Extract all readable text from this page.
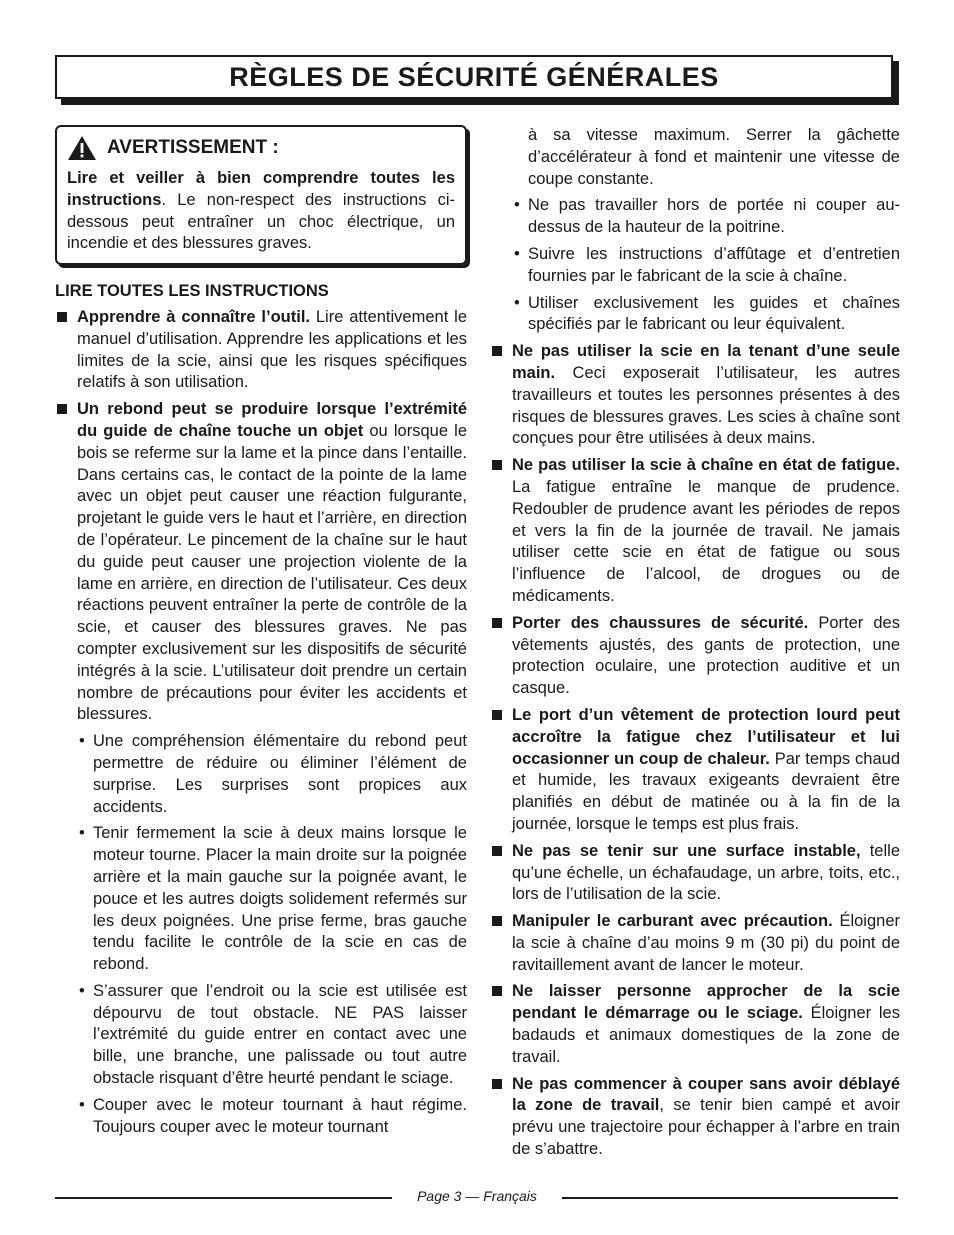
RÈGLES DE SÉCURITÉ GÉNÉRALES
AVERTISSEMENT :
Lire et veiller à bien comprendre toutes les instructions. Le non-respect des instructions ci-dessous peut entraîner un choc électrique, un incendie et des blessures graves.
LIRE TOUTES LES INSTRUCTIONS
Apprendre à connaître l’outil. Lire attentivement le manuel d’utilisation. Apprendre les applications et les limites de la scie, ainsi que les risques spécifiques relatifs à son utilisation.
Un rebond peut se produire lorsque l’extrémité du guide de chaîne touche un objet ou lorsque le bois se referme sur la lame et la pince dans l’entaille. Dans certains cas, le contact de la pointe de la lame avec un objet peut causer une réaction fulgurante, projetant le guide vers le haut et l’arrière, en direction de l’opérateur. Le pincement de la chaîne sur le haut du guide peut causer une projection violente de la lame en arrière, en direction de l’utilisateur. Ces deux réactions peuvent entraîner la perte de contrôle de la scie, et causer des blessures graves. Ne pas compter exclusivement sur les dispositifs de sécurité intégrés à la scie. L’utilisateur doit prendre un certain nombre de précautions pour éviter les accidents et blessures.
• Une compréhension élémentaire du rebond peut permettre de réduire ou éliminer l’élément de surprise. Les surprises sont propices aux accidents.
• Tenir fermement la scie à deux mains lorsque le moteur tourne. Placer la main droite sur la poignée arrière et la main gauche sur la poignée avant, le pouce et les autres doigts solidement refermés sur les deux poignées. Une prise ferme, bras gauche tendu facilite le contrôle de la scie en cas de rebond.
• S’assurer que l’endroit ou la scie est utilisée est dépourvu de tout obstacle. NE PAS laisser l’extrémité du guide entrer en contact avec une bille, une branche, une palissade ou tout autre obstacle risquant d’être heurté pendant le sciage.
• Couper avec le moteur tournant à haut régime. Toujours couper avec le moteur tournant
à sa vitesse maximum. Serrer la gâchette d’accélérateur à fond et maintenir une vitesse de coupe constante.
• Ne pas travailler hors de portée ni couper au-dessus de la hauteur de la poitrine.
• Suivre les instructions d’affûtage et d’entretien fournies par le fabricant de la scie à chaîne.
• Utiliser exclusivement les guides et chaînes spécifiés par le fabricant ou leur équivalent.
Ne pas utiliser la scie en la tenant d’une seule main. Ceci exposerait l’utilisateur, les autres travailleurs et toutes les personnes présentes à des risques de blessures graves. Les scies à chaîne sont conçues pour être utilisées à deux mains.
Ne pas utiliser la scie à chaîne en état de fatigue. La fatigue entraîne le manque de prudence. Redoubler de prudence avant les périodes de repos et vers la fin de la journée de travail. Ne jamais utiliser cette scie en état de fatigue ou sous l’influence de l’alcool, de drogues ou de médicaments.
Porter des chaussures de sécurité. Porter des vêtements ajustés, des gants de protection, une protection oculaire, une protection auditive et un casque.
Le port d’un vêtement de protection lourd peut accroître la fatigue chez l’utilisateur et lui occasionner un coup de chaleur. Par temps chaud et humide, les travaux exigeants devraient être planifiés en début de matinée ou à la fin de la journée, lorsque le temps est plus frais.
Ne pas se tenir sur une surface instable, telle qu’une échelle, un échafaudage, un arbre, toits, etc., lors de l’utilisation de la scie.
Manipuler le carburant avec précaution. Éloigner la scie à chaîne d’au moins 9 m (30 pi) du point de ravitaillement avant de lancer le moteur.
Ne laisser personne approcher de la scie pendant le démarrage ou le sciage. Éloigner les badauds et animaux domestiques de la zone de travail.
Ne pas commencer à couper sans avoir déblayé la zone de travail, se tenir bien campé et avoir prévu une trajectoire pour échapper à l’arbre en train de s’abattre.
Page 3 — Français
